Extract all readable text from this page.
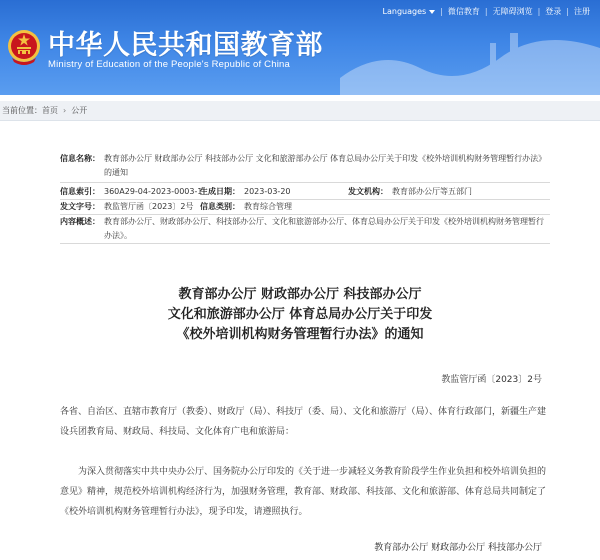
中华人民共和国教育部
Ministry of Education of the People's Republic of China
Languages | 微信教育 | 无障碍浏览 | 登录 | 注册
当前位置： 首页 › 公开
信息名称： 教育部办公厅 财政部办公厅 科技部办公厅 文化和旅游部办公厅 体育总局办公厅关于印发《校外培训机构财务管理暂行办法》的通知
信息索引： 360A29-04-2023-0003-1
生成日期： 2023-03-20	发文机构： 教育部办公厅等五部门
发文字号： 教监管厅函〔2023〕2号 信息类别： 教育综合管理
内容概述： 教育部办公厅、财政部办公厅、科技部办公厅、文化和旅游部办公厅、体育总局办公厅关于印发《校外培训机构财务管理暂行办法》。
教育部办公厅 财政部办公厅 科技部办公厅
文化和旅游部办公厅 体育总局办公厅关于印发
《校外培训机构财务管理暂行办法》的通知
教监管厅函〔2023〕2号
各省、自治区、直辖市教育厅（教委）、财政厅（局）、科技厅（委、局）、文化和旅游厅（局）、体育行政部门，新疆生产建设兵团教育局、财政局、科技局、文化体育广电和旅游局：
为深入贯彻落实中共中央办公厅、国务院办公厅印发的《关于进一步减轻义务教育阶段学生作业负担和校外培训负担的意见》精神，规范校外培训机构经济行为，加强财务管理，教育部、财政部、科技部、文化和旅游部、体育总局共同制定了《校外培训机构财务管理暂行办法》，现予印发，请遵照执行。
教育部办公厅 财政部办公厅 科技部办公厅
